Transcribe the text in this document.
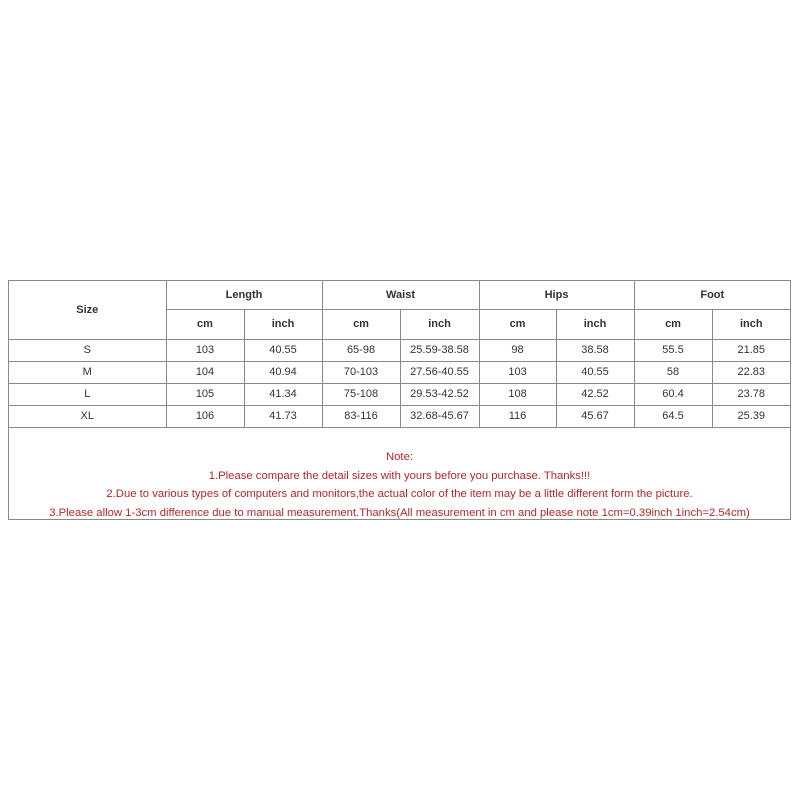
Size	Length		Waist		Hips		Foot	
	cm	inch	cm	inch	cm	inch	cm	inch
S	103	40.55	65-98	25.59-38.58	98	38.58	55.5	21.85
M	104	40.94	70-103	27.56-40.55	103	40.55	58	22.83
L	105	41.34	75-108	29.53-42.52	108	42.52	60.4	23.78
XL	106	41.73	83-116	32.68-45.67	116	45.67	64.5	25.39
Note:
1.Please compare the detail sizes with yours before you purchase. Thanks!!!
2.Due to various types of computers and monitors,the actual color of the item may be a little different form the picture.
3.Please allow 1-3cm difference due to manual measurement.Thanks(All measurement in cm and please note 1cm=0.39inch 1inch=2.54cm)
